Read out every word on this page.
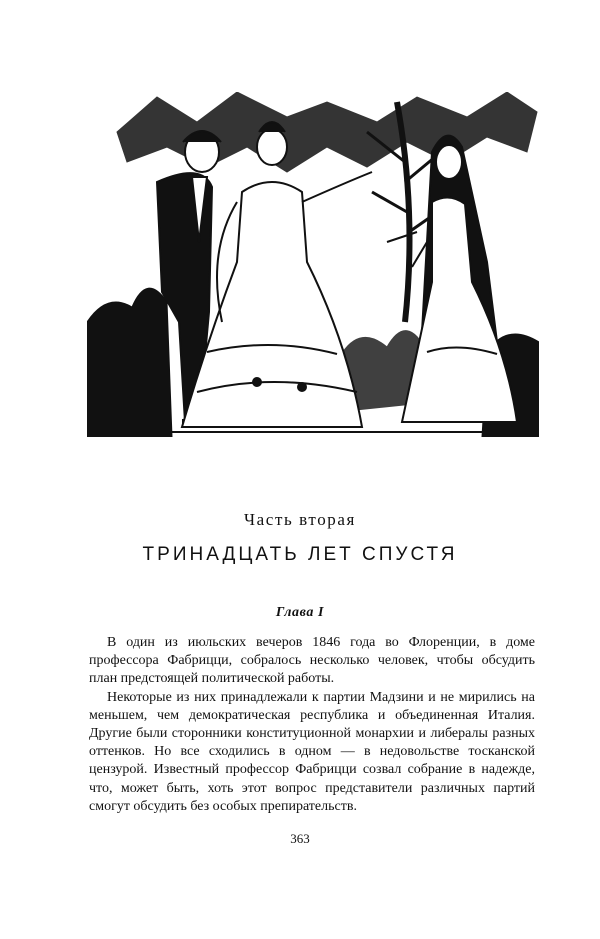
Часть вторая
ТРИНАДЦАТЬ ЛЕТ СПУСТЯ
Глава I

В один из июльских вечеров 1846 года во Флоренции, в доме профессора Фабрицци, собралось несколько человек, чтобы обсудить план предстоящей политической работы.

Некоторые из них принадлежали к партии Мадзини и не мирились на меньшем, чем демократическая республика и объединенная Италия. Другие были сторонники конституционной монархии и либералы разных оттенков. Но все сходились в одном — в недовольстве тосканской цензурой. Известный профессор Фабрицци созвал собрание в надежде, что, может быть, хоть этот вопрос представители различных партий смогут обсудить без особых препирательств.

363
